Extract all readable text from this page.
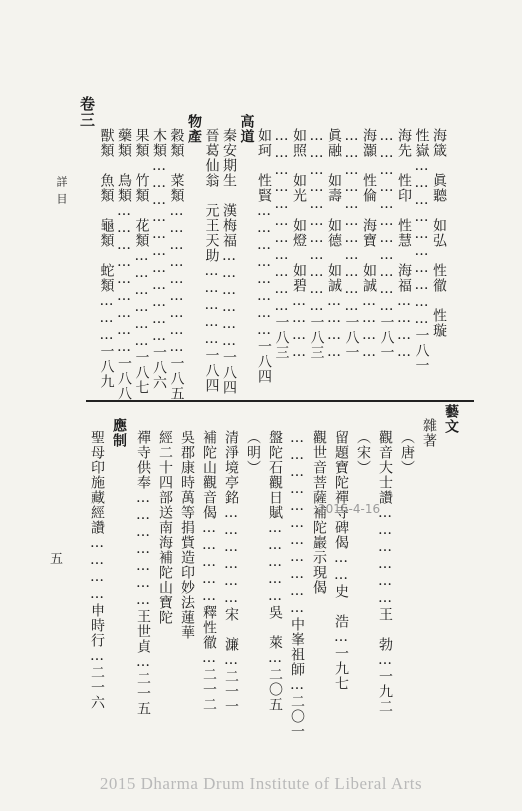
卷三
海箴　眞聽　如弘　性徹　性璇
性嶽…………………………一八一
海先　性印　性慧　海福…………
……………………………一八一
海灝　性倫　海寶　如誠…………
……………………………一八一
眞融　如壽　如德　如誠…………
……………………………一八三
如照　如光　如燈　如碧…………
……………………………一八三
如珂　性賢……………………一八四
高道
秦安期生　漢梅福………………一八四
晉葛仙翁　元王天助……………一八四
物產
藝文
雜著
（唐）
觀音大士讚………………王　勃…一九二
（宋）
留題寶陀禪寺碑偈……史　浩…一九七
觀世音菩薩補陀巖示現偈
……………………………中峯祖師…二〇一
盤陀石觀日賦……………吳　萊…二〇五
（明）
清淨境亭銘………………宋　濂…二一一
補陀山觀音偈……………釋性徹…二一二
吳郡康時萬等捐貲造印妙法蓮華
經二十四部送南海補陀山寶陀
禪寺供奉…………………王世貞…二一五
應制
聖母印施藏經讚…………申時行…二一六
詳目
五
2015-4-16
2015 Dharma Drum Institute of Liberal Arts
穀類　菜類………………………一八五
木類……………………………一八六
果類　竹類　花類………………一八七
藥類　鳥類………………………一八八
獸類　魚類　龜類　蛇類………一八九
